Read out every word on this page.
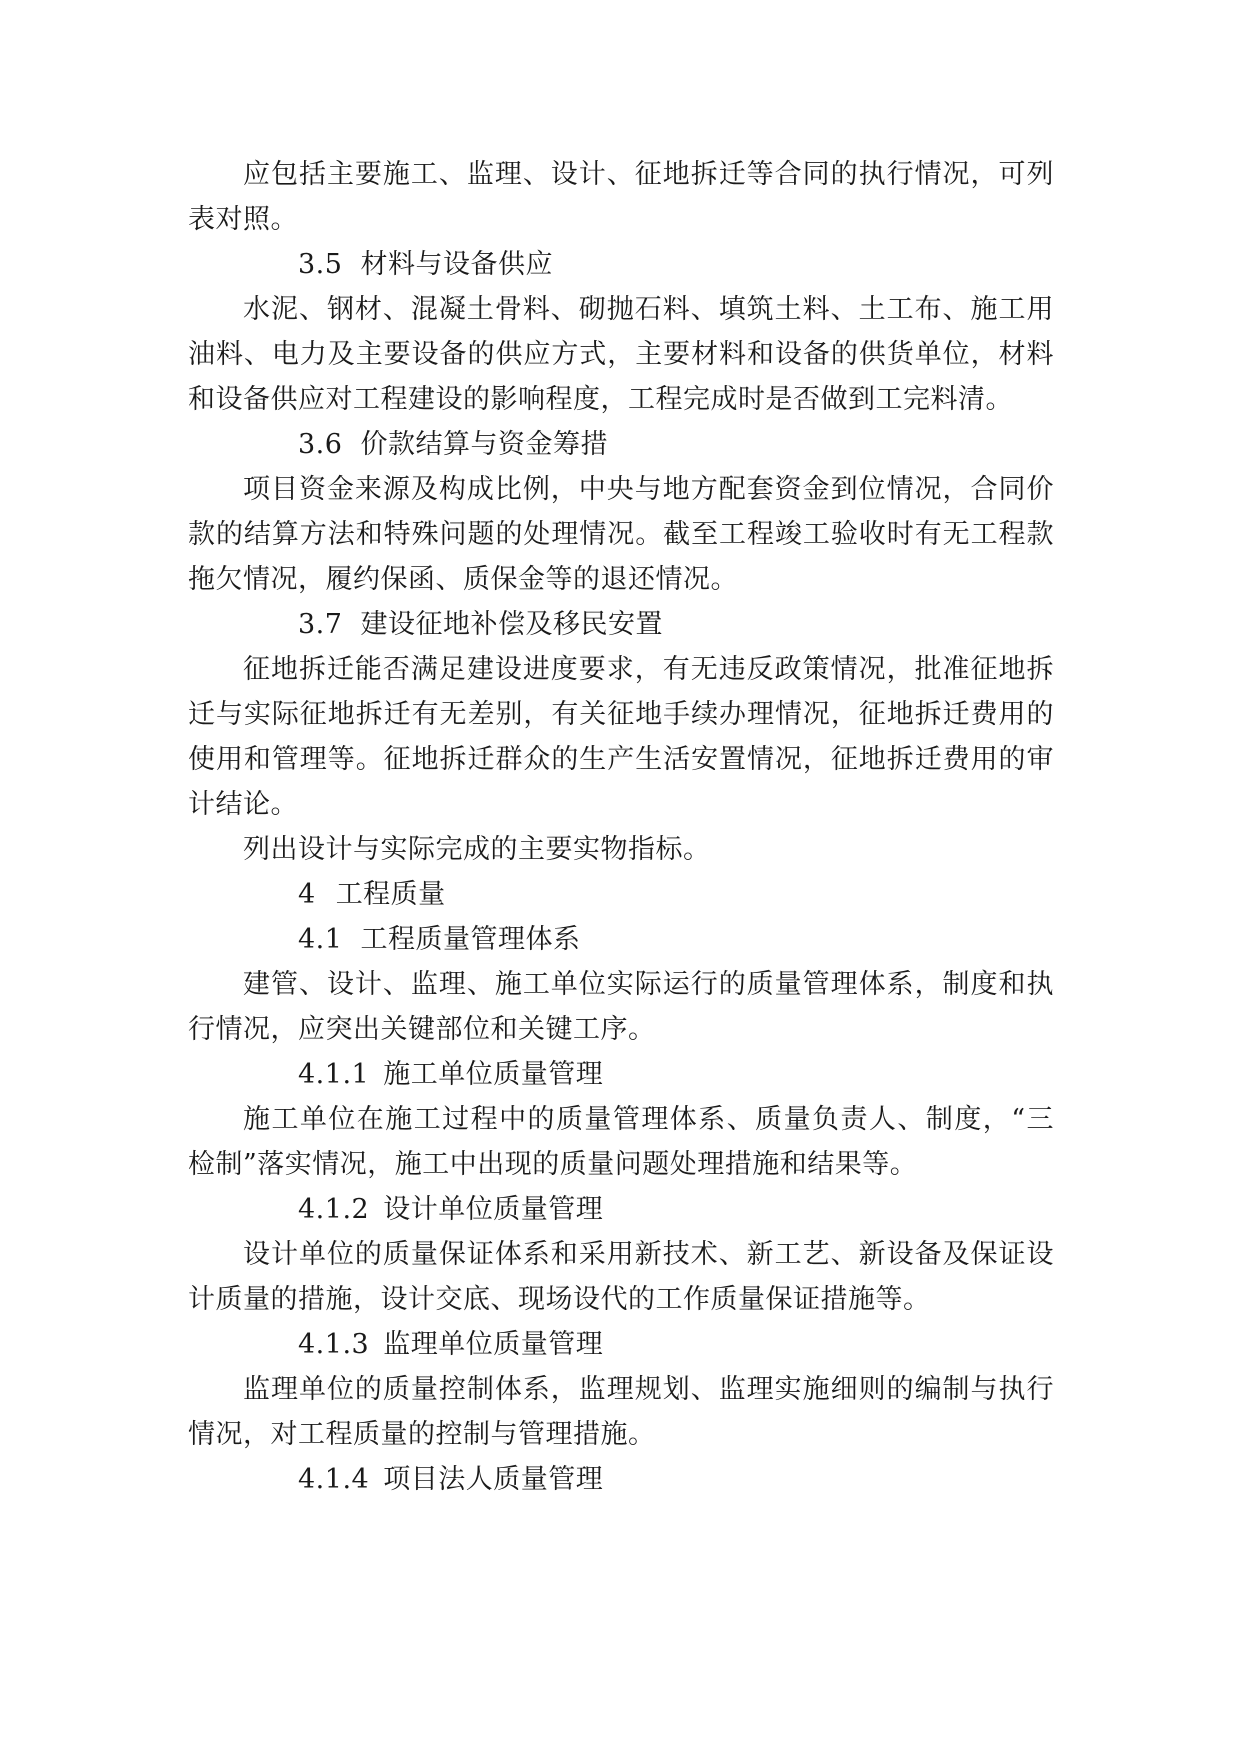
应包括主要施工、监理、设计、征地拆迁等合同的执行情况，可列表对照。

3.5 材料与设备供应

水泥、钢材、混凝土骨料、砌抛石料、填筑土料、土工布、施工用油料、电力及主要设备的供应方式，主要材料和设备的供货单位，材料和设备供应对工程建设的影响程度，工程完成时是否做到工完料清。

3.6 价款结算与资金筹措

项目资金来源及构成比例，中央与地方配套资金到位情况，合同价款的结算方法和特殊问题的处理情况。截至工程竣工验收时有无工程款拖欠情况，履约保函、质保金等的退还情况。

3.7 建设征地补偿及移民安置

征地拆迁能否满足建设进度要求，有无违反政策情况，批准征地拆迁与实际征地拆迁有无差别，有关征地手续办理情况，征地拆迁费用的使用和管理等。征地拆迁群众的生产生活安置情况，征地拆迁费用的审计结论。

列出设计与实际完成的主要实物指标。

4 工程质量

4.1 工程质量管理体系

建管、设计、监理、施工单位实际运行的质量管理体系，制度和执行情况，应突出关键部位和关键工序。

4.1.1 施工单位质量管理

施工单位在施工过程中的质量管理体系、质量负责人、制度，“三检制”落实情况，施工中出现的质量问题处理措施和结果等。

4.1.2 设计单位质量管理

设计单位的质量保证体系和采用新技术、新工艺、新设备及保证设计质量的措施，设计交底、现场设代的工作质量保证措施等。

4.1.3 监理单位质量管理

监理单位的质量控制体系，监理规划、监理实施细则的编制与执行情况，对工程质量的控制与管理措施。

4.1.4 项目法人质量管理
